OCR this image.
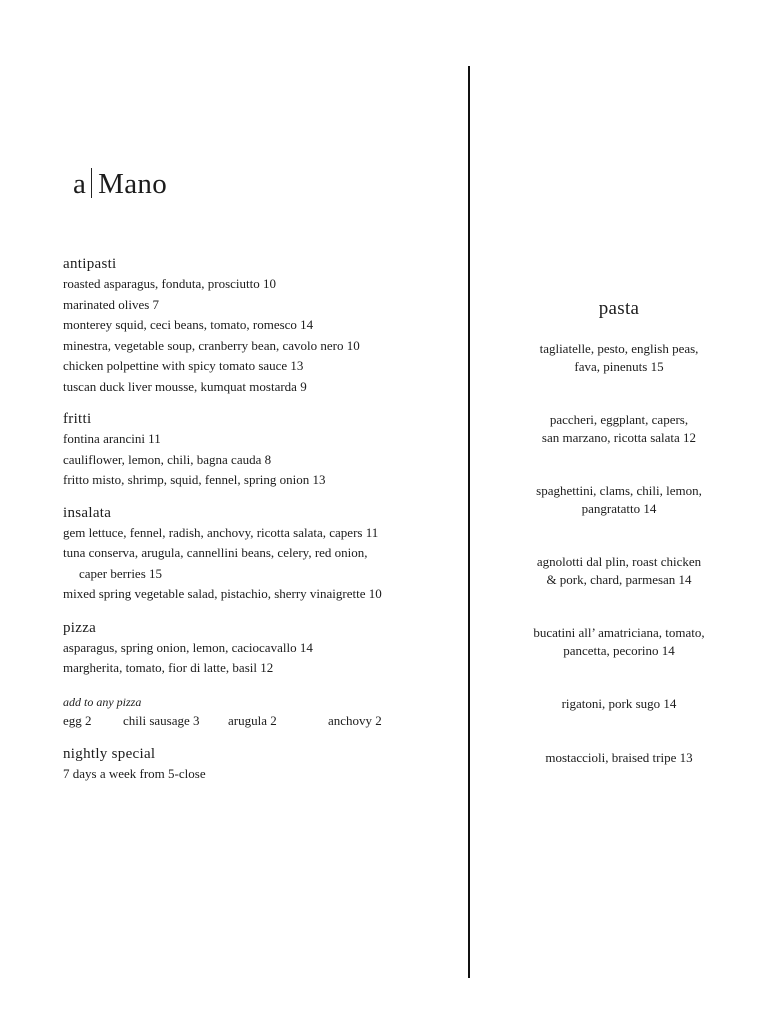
a Mano
antipasti
roasted asparagus, fonduta, prosciutto 10
marinated olives 7
monterey squid, ceci beans, tomato, romesco 14
minestra, vegetable soup, cranberry bean, cavolo nero 10
chicken polpettine with spicy tomato sauce 13
tuscan duck liver mousse, kumquat mostarda 9
fritti
fontina arancini 11
cauliflower, lemon, chili, bagna cauda 8
fritto misto, shrimp, squid, fennel, spring onion 13
insalata
gem lettuce, fennel, radish, anchovy, ricotta salata, capers 11
tuna conserva, arugula, cannellini beans, celery, red onion,
caper berries 15
mixed spring vegetable salad, pistachio, sherry vinaigrette 10
pizza
asparagus, spring onion, lemon, caciocavallo 14
margherita, tomato, fior di latte, basil 12
add to any pizza
egg 2 chili sausage 3 arugula 2	anchovy 2
nightly special
7 days a week from 5-close
pasta
tagliatelle, pesto, english peas,
fava, pinenuts 15
paccheri, eggplant, capers,
san marzano, ricotta salata 12
spaghettini, clams, chili, lemon,
pangratatto 14
agnolotti dal plin, roast chicken
& pork, chard, parmesan 14
bucatini all’ amatriciana, tomato,
pancetta, pecorino 14
rigatoni, pork sugo 14
mostaccioli, braised tripe 13
